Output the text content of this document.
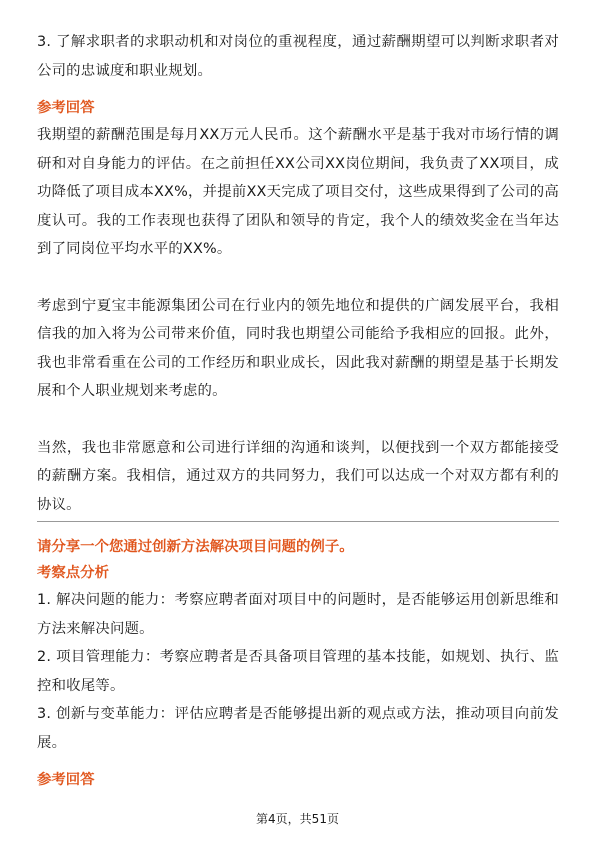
3. 了解求职者的求职动机和对岗位的重视程度，通过薪酬期望可以判断求职者对公司的忠诚度和职业规划。

参考回答

我期望的薪酬范围是每月XX万元人民币。这个薪酬水平是基于我对市场行情的调研和对自身能力的评估。在之前担任XX公司XX岗位期间，我负责了XX项目，成功降低了项目成本XX%，并提前XX天完成了项目交付，这些成果得到了公司的高度认可。我的工作表现也获得了团队和领导的肯定，我个人的绩效奖金在当年达到了同岗位平均水平的XX%。

考虑到宁夏宝丰能源集团公司在行业内的领先地位和提供的广阔发展平台，我相信我的加入将为公司带来价值，同时我也期望公司能给予我相应的回报。此外，我也非常看重在公司的工作经历和职业成长，因此我对薪酬的期望是基于长期发展和个人职业规划来考虑的。

当然，我也非常愿意和公司进行详细的沟通和谈判，以便找到一个双方都能接受的薪酬方案。我相信，通过双方的共同努力，我们可以达成一个对双方都有利的协议。

请分享一个您通过创新方法解决项目问题的例子。

考察点分析

1. 解决问题的能力：考察应聘者面对项目中的问题时，是否能够运用创新思维和方法来解决问题。

2. 项目管理能力：考察应聘者是否具备项目管理的基本技能，如规划、执行、监控和收尾等。

3. 创新与变革能力：评估应聘者是否能够提出新的观点或方法，推动项目向前发展。

参考回答

第4页，共51页
